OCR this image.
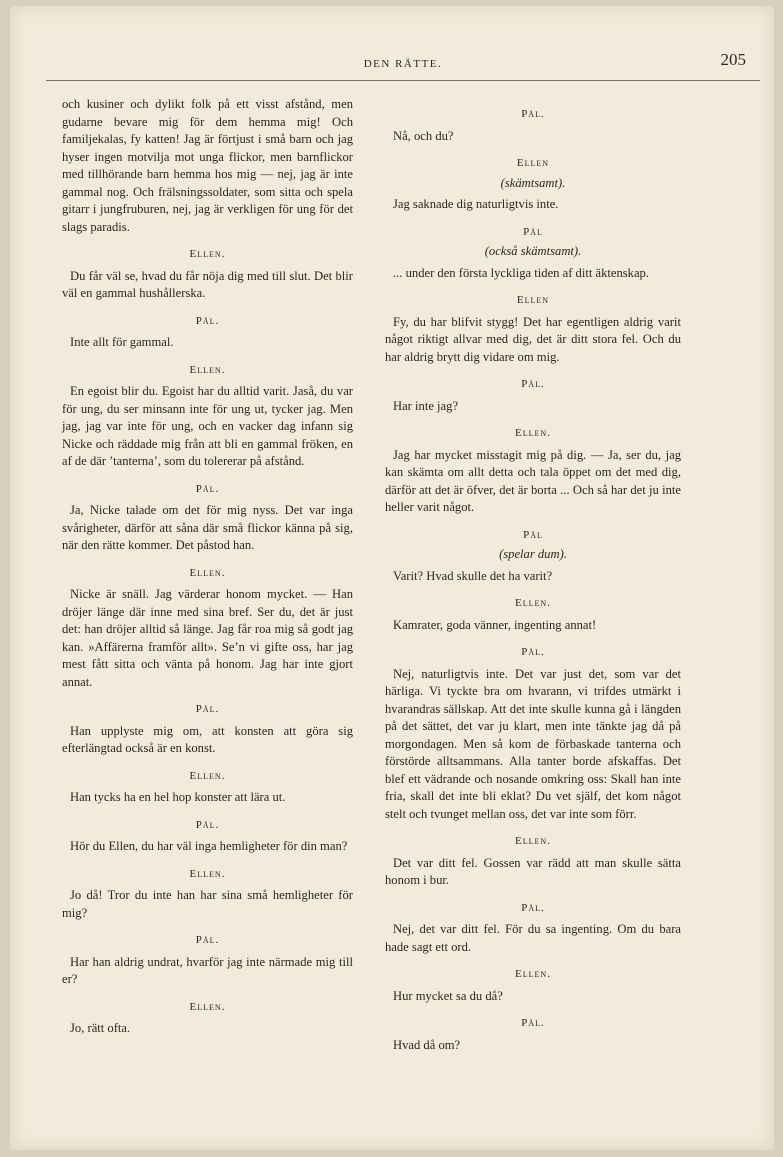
DEN RÄTTE.	205

och kusiner och dylikt folk på ett visst afstånd, men gudarne bevare mig för dem hemma mig! Och familjekalas, fy katten! Jag är förtjust i små barn och jag hyser ingen motvilja mot unga flickor, men barnflickor med tillhörande barn hemma hos mig — nej, jag är inte gammal nog. Och frälsningssoldater, som sitta och spela gitarr i jungfruburen, nej, jag är verkligen för ung för det slags paradis.

Ellen.

Du får väl se, hvad du får nöja dig med till slut. Det blir väl en gammal hushållerska.

Pål.

Inte allt för gammal.

Ellen.

En egoist blir du. Egoist har du alltid varit. Jaså, du var för ung, du ser minsann inte för ung ut, tycker jag. Men jag, jag var inte för ung, och en vacker dag infann sig Nicke och räddade mig från att bli en gammal fröken, en af de där ’tanterna’, som du tolererar på afstånd.

Pål.

Ja, Nicke talade om det för mig nyss. Det var inga svårigheter, därför att såna där små flickor känna på sig, när den rätte kommer. Det påstod han.

Ellen.

Nicke är snäll. Jag värderar honom mycket. — Han dröjer länge där inne med sina bref. Ser du, det är just det: han dröjer alltid så länge. Jag får roa mig så godt jag kan. »Affärerna framför allt». Se’n vi gifte oss, har jag mest fått sitta och vänta på honom. Jag har inte gjort annat.

Pål.

Han upplyste mig om, att konsten att göra sig efterlängtad också är en konst.

Ellen.

Han tycks ha en hel hop konster att lära ut.

Pål.

Hör du Ellen, du har väl inga hemligheter för din man?

Ellen.

Jo då! Tror du inte han har sina små hemligheter för mig?

Pål.

Har han aldrig undrat, hvarför jag inte närmade mig till er?

Ellen.

Jo, rätt ofta.

Pål.

Nå, och du?

Ellen
(skämtsamt).

Jag saknade dig naturligtvis inte.

Pål
(också skämtsamt).

... under den första lyckliga tiden af ditt äktenskap.

Ellen

Fy, du har blifvit stygg! Det har egentligen aldrig varit något riktigt allvar med dig, det är ditt stora fel. Och du har aldrig brytt dig vidare om mig.

Pål.

Har inte jag?

Ellen.

Jag har mycket misstagit mig på dig. — Ja, ser du, jag kan skämta om allt detta och tala öppet om det med dig, därför att det är öfver, det är borta ... Och så har det ju inte heller varit något.

Pål
(spelar dum).

Varit? Hvad skulle det ha varit?

Ellen.

Kamrater, goda vänner, ingenting annat!

Pål.

Nej, naturligtvis inte. Det var just det, som var det härliga. Vi tyckte bra om hvarann, vi trifdes utmärkt i hvarandras sällskap. Att det inte skulle kunna gå i längden på det sättet, det var ju klart, men inte tänkte jag då på morgondagen. Men så kom de förbaskade tanterna och förstörde alltsammans. Alla tanter borde afskaffas. Det blef ett vädrande och nosande omkring oss: Skall han inte fria, skall det inte bli eklat? Du vet själf, det kom något stelt och tvunget mellan oss, det var inte som förr.

Ellen.

Det var ditt fel. Gossen var rädd att man skulle sätta honom i bur.

Pål.

Nej, det var ditt fel. För du sa ingenting. Om du bara hade sagt ett ord.

Ellen.

Hur mycket sa du då?

Pål.

Hvad då om?
